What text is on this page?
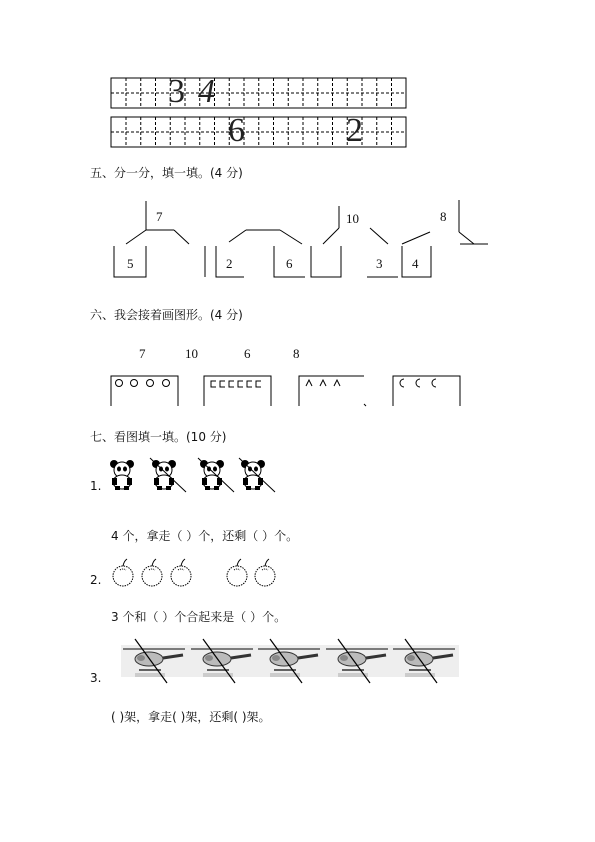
3 4
6	2
五、分一分，填一填。(4 分)
7
5	2	6
10
3
8
4
六、我会接着画图形。(4 分)
7	10	6	8
七、看图填一填。(10 分)
1.
4 个，拿走（ ）个，还剩（ ）个。
2.
3 个和（ ）个合起来是（ ）个。
3.
( )架，拿走( )架，还剩( )架。
